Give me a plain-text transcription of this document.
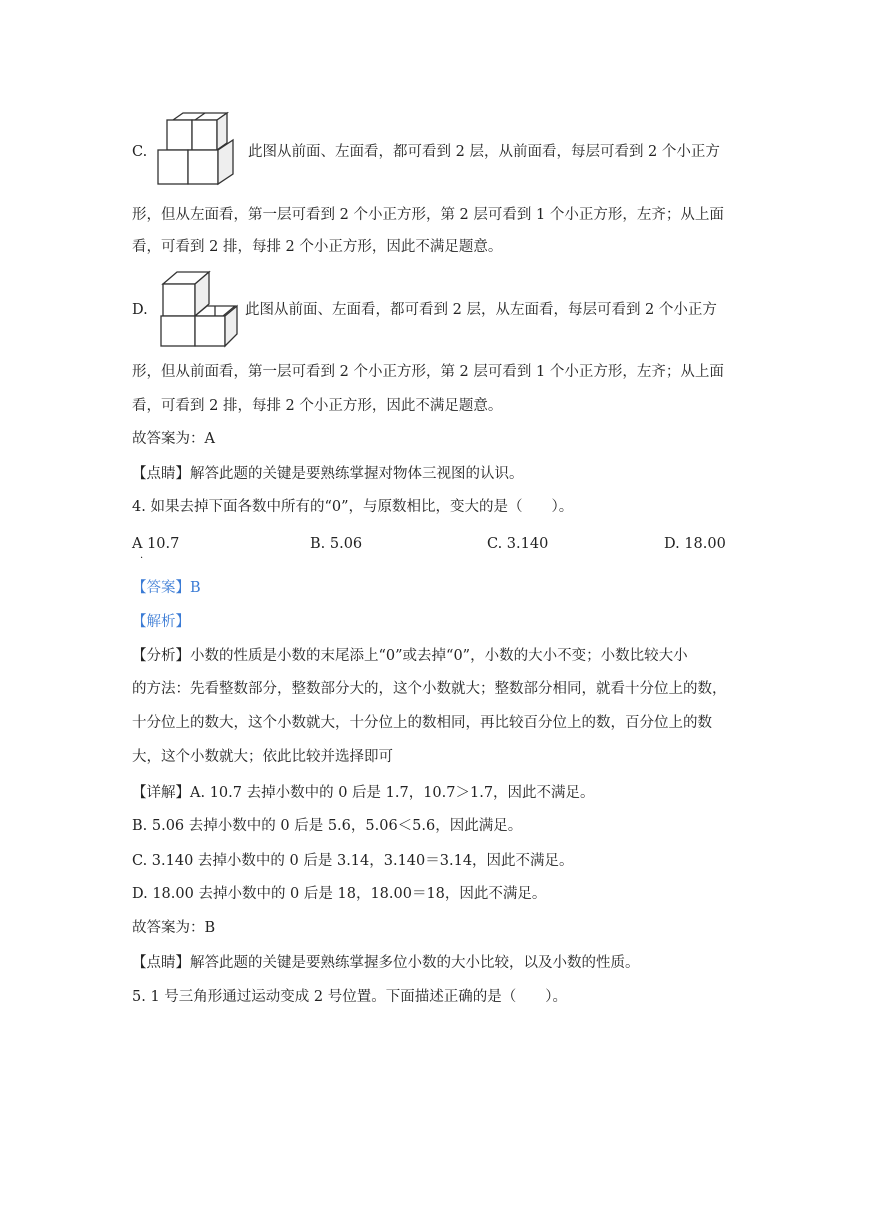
C.	此图从前面、左面看，都可看到 2 层，从前面看，每层可看到 2 个小正方
形，但从左面看，第一层可看到 2 个小正方形，第 2 层可看到 1 个小正方形，左齐；从上面
看，可看到 2 排，每排 2 个小正方形，因此不满足题意。
D.	此图从前面、左面看，都可看到 2 层，从左面看，每层可看到 2 个小正方
形，但从前面看，第一层可看到 2 个小正方形，第 2 层可看到 1 个小正方形，左齐；从上面
看，可看到 2 排，每排 2 个小正方形，因此不满足题意。
故答案为：A
【点睛】解答此题的关键是要熟练掌握对物体三视图的认识。
4. 如果去掉下面各数中所有的“0”，与原数相比，变大的是（　　）。
A 10.7	B. 5.06	C. 3.140	D. 18.00
·
【答案】B
【解析】
【分析】小数的性质是小数的末尾添上“0”或去掉“0”，小数的大小不变；小数比较大小
的方法：先看整数部分，整数部分大的，这个小数就大；整数部分相同，就看十分位上的数，
十分位上的数大，这个小数就大，十分位上的数相同，再比较百分位上的数，百分位上的数
大，这个小数就大；依此比较并选择即可
【详解】A. 10.7 去掉小数中的 0 后是 1.7，10.7＞1.7，因此不满足。
B. 5.06 去掉小数中的 0 后是 5.6，5.06＜5.6，因此满足。
C. 3.140 去掉小数中的 0 后是 3.14，3.140＝3.14，因此不满足。
D. 18.00 去掉小数中的 0 后是 18，18.00＝18，因此不满足。
故答案为：B
【点睛】解答此题的关键是要熟练掌握多位小数的大小比较，以及小数的性质。
5. 1 号三角形通过运动变成 2 号位置。下面描述正确的是（　　）。
